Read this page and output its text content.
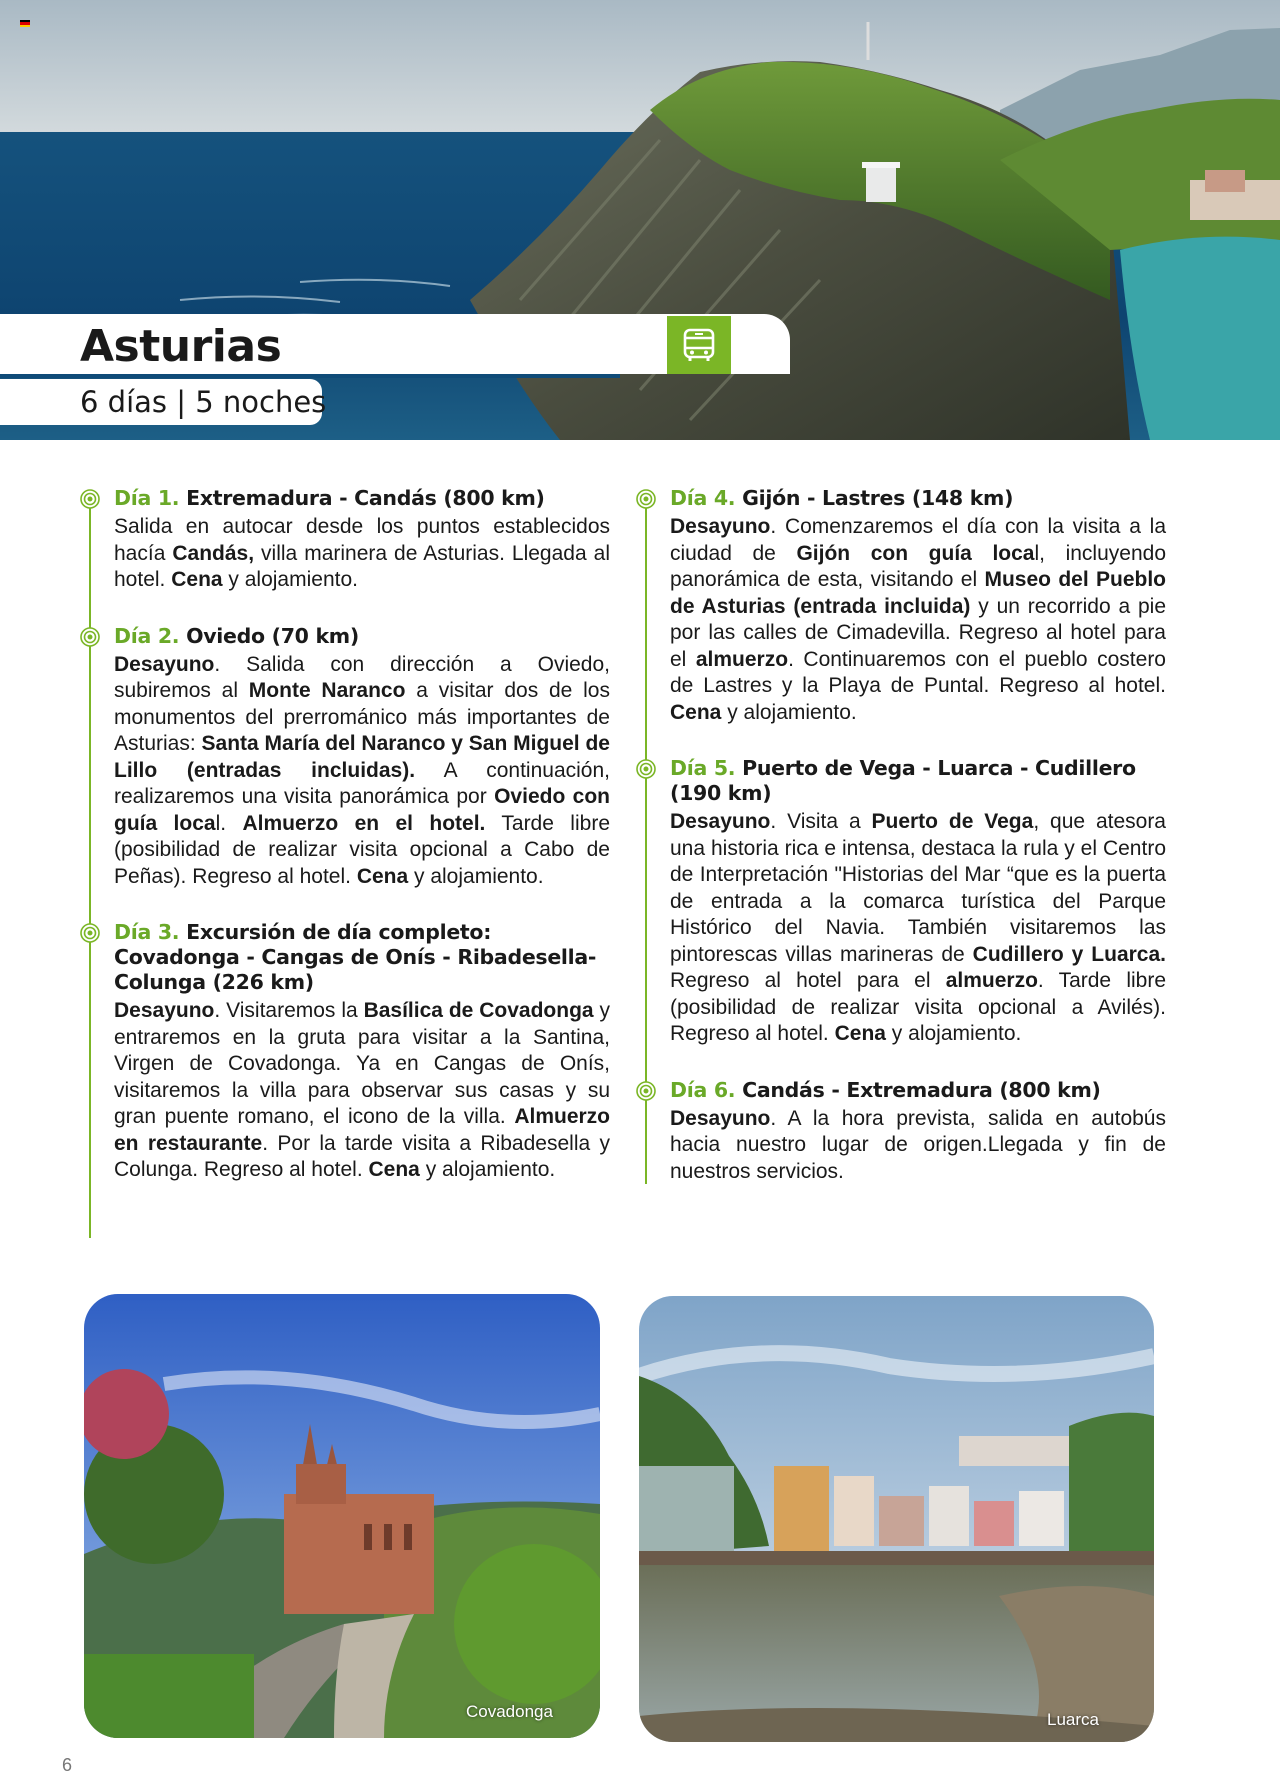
Asturias
6 días | 5 noches
Día 1. Extremadura - Candás (800 km)
Salida en autocar desde los puntos establecidos hacía Candás, villa marinera de Asturias. Llegada al hotel. Cena y alojamiento.
Día 2. Oviedo (70 km)
Desayuno. Salida con dirección a Oviedo, subiremos al Monte Naranco a visitar dos de los monumentos del prerrománico más importantes de Asturias: Santa María del Naranco y San Miguel de Lillo (entradas incluidas). A continuación, realizaremos una visita panorámica por Oviedo con guía local. Almuerzo en el hotel. Tarde libre (posibilidad de realizar visita opcional a Cabo de Peñas). Regreso al hotel. Cena y alojamiento.
Día 3. Excursión de día completo: Covadonga - Cangas de Onís - Ribadesella- Colunga (226 km)
Desayuno. Visitaremos la Basílica de Covadonga y entraremos en la gruta para visitar a la Santina, Virgen de Covadonga. Ya en Cangas de Onís, visitaremos la villa para observar sus casas y su gran puente romano, el icono de la villa. Almuerzo en restaurante. Por la tarde visita a Ribadesella y Colunga. Regreso al hotel. Cena y alojamiento.
Día 4. Gijón - Lastres (148 km)
Desayuno. Comenzaremos el día con la visita a la ciudad de Gijón con guía local, incluyendo panorámica de esta, visitando el Museo del Pueblo de Asturias (entrada incluida) y un recorrido a pie por las calles de Cimadevilla. Regreso al hotel para el almuerzo. Continuaremos con el pueblo costero de Lastres y la Playa de Puntal. Regreso al hotel. Cena y alojamiento.
Día 5. Puerto de Vega - Luarca - Cudillero (190 km)
Desayuno. Visita a Puerto de Vega, que atesora una historia rica e intensa, destaca la rula y el Centro de Interpretación "Historias del Mar “que es la puerta de entrada a la comarca turística del Parque Histórico del Navia. También visitaremos las pintorescas villas marineras de Cudillero y Luarca. Regreso al hotel para el almuerzo. Tarde libre (posibilidad de realizar visita opcional a Avilés). Regreso al hotel. Cena y alojamiento.
Día 6. Candás - Extremadura (800 km)
Desayuno. A la hora prevista, salida en autobús hacia nuestro lugar de origen.Llegada y fin de nuestros servicios.
Covadonga	Luarca
6
